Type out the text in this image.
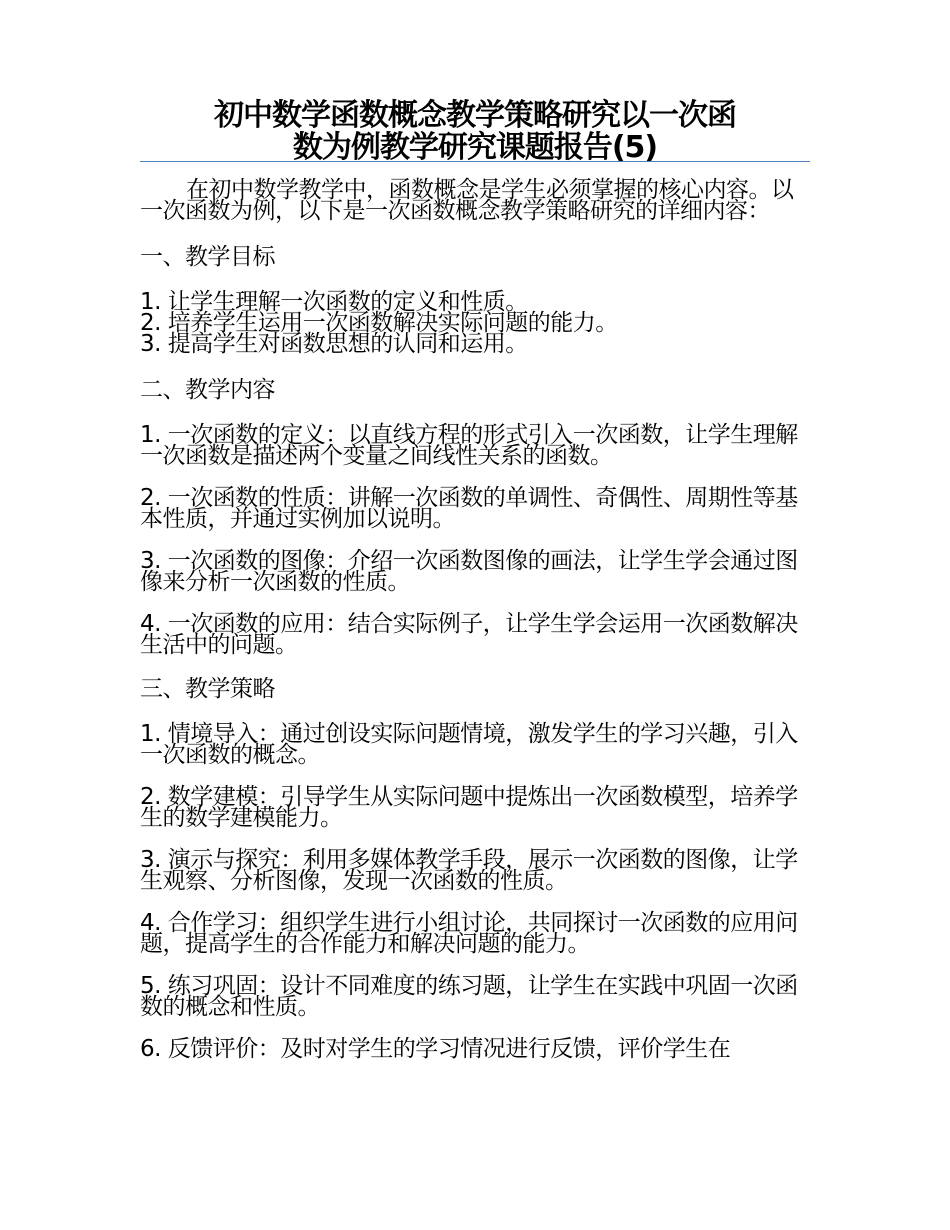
初中数学函数概念教学策略研究以一次函
数为例教学研究课题报告(5)

在初中数学教学中，函数概念是学生必须掌握的核心内容。以一次函数为例，以下是一次函数概念教学策略研究的详细内容：

一、教学目标

1. 让学生理解一次函数的定义和性质。

2. 培养学生运用一次函数解决实际问题的能力。

3. 提高学生对函数思想的认同和运用。

二、教学内容

1. 一次函数的定义：以直线方程的形式引入一次函数，让学生理解一次函数是描述两个变量之间线性关系的函数。

2. 一次函数的性质：讲解一次函数的单调性、奇偶性、周期性等基本性质，并通过实例加以说明。

3. 一次函数的图像：介绍一次函数图像的画法，让学生学会通过图像来分析一次函数的性质。

4. 一次函数的应用：结合实际例子，让学生学会运用一次函数解决生活中的问题。

三、教学策略

1. 情境导入：通过创设实际问题情境，激发学生的学习兴趣，引入一次函数的概念。

2. 数学建模：引导学生从实际问题中提炼出一次函数模型，培养学生的数学建模能力。

3. 演示与探究：利用多媒体教学手段，展示一次函数的图像，让学生观察、分析图像，发现一次函数的性质。

4. 合作学习：组织学生进行小组讨论，共同探讨一次函数的应用问题，提高学生的合作能力和解决问题的能力。

5. 练习巩固：设计不同难度的练习题，让学生在实践中巩固一次函数的概念和性质。

6. 反馈评价：及时对学生的学习情况进行反馈，评价学生在
